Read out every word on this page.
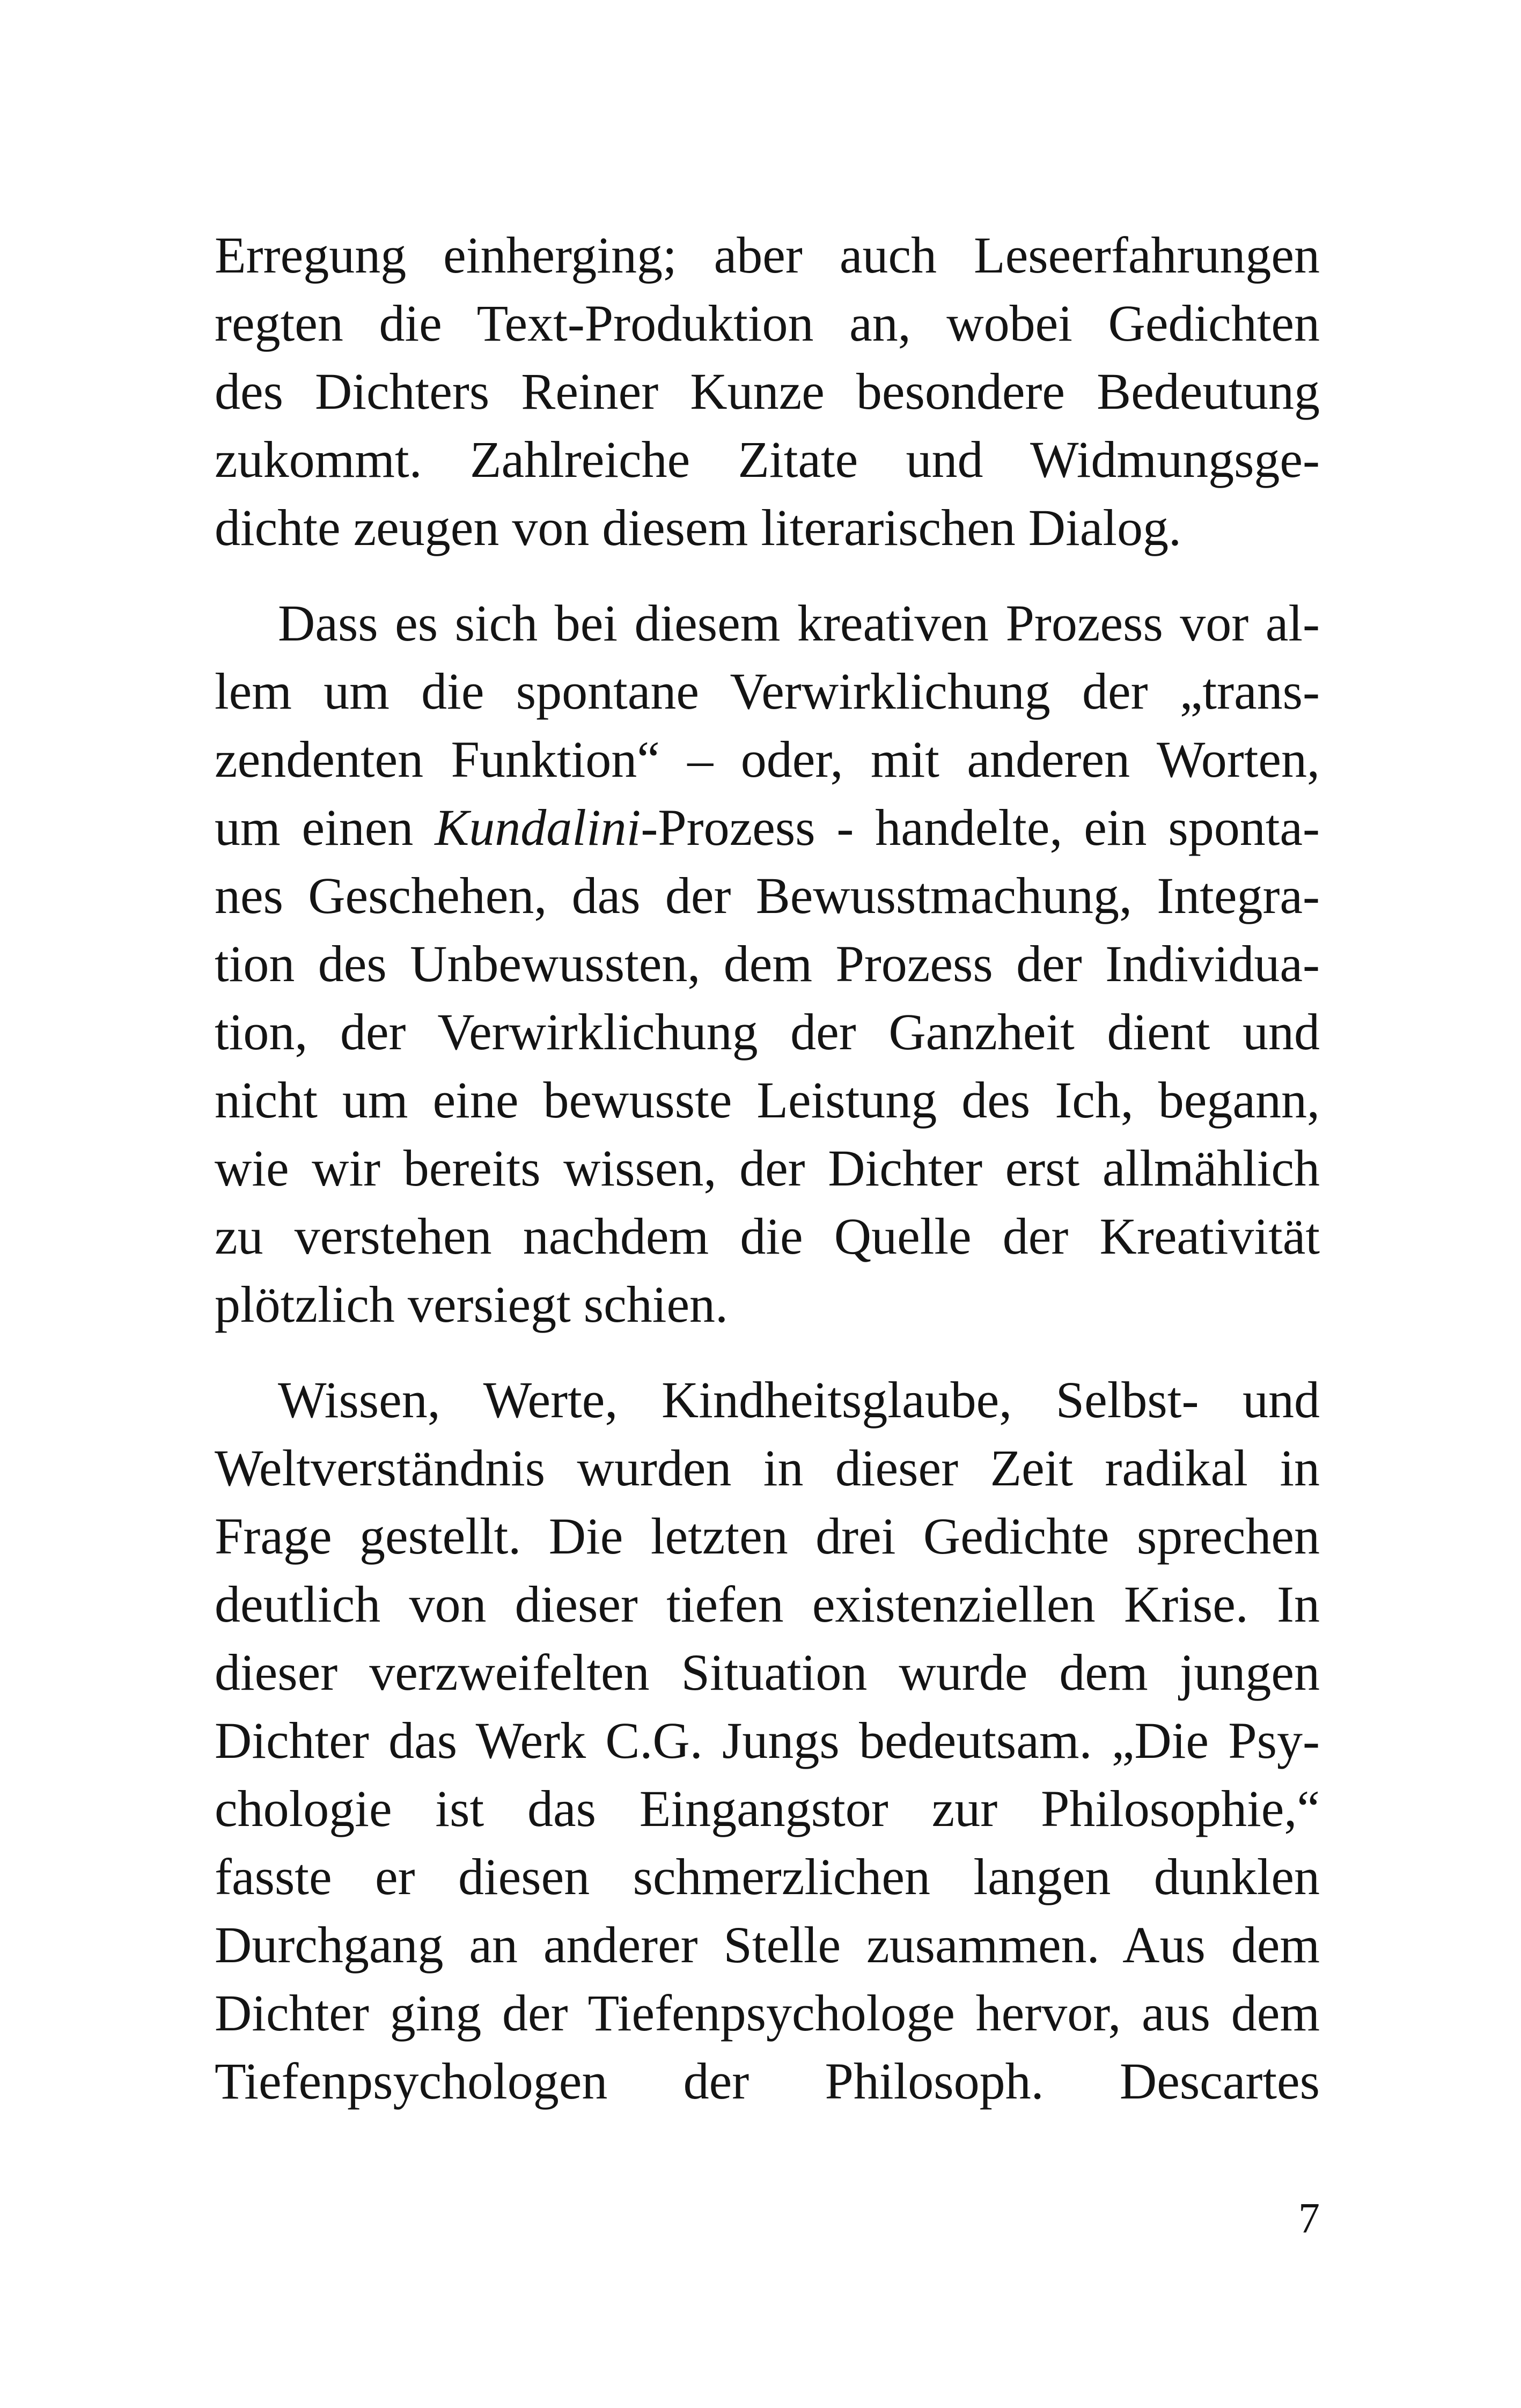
Erregung einherging; aber auch Leseerfahrungen
regten die Text-Produktion an, wobei Gedichten
des Dichters Reiner Kunze besondere Bedeutung
zukommt. Zahlreiche Zitate und Widmungsge-
dichte zeugen von diesem literarischen Dialog.

Dass es sich bei diesem kreativen Prozess vor al-
lem um die spontane Verwirklichung der „trans-
zendenten Funktion“ – oder, mit anderen Worten,
um einen Kundalini-Prozess - handelte, ein sponta-
nes Geschehen, das der Bewusstmachung, Integra-
tion des Unbewussten, dem Prozess der Individua-
tion, der Verwirklichung der Ganzheit dient und
nicht um eine bewusste Leistung des Ich, begann,
wie wir bereits wissen, der Dichter erst allmählich
zu verstehen nachdem die Quelle der Kreativität
plötzlich versiegt schien.

Wissen, Werte, Kindheitsglaube, Selbst- und
Weltverständnis wurden in dieser Zeit radikal in
Frage gestellt. Die letzten drei Gedichte sprechen
deutlich von dieser tiefen existenziellen Krise. In
dieser verzweifelten Situation wurde dem jungen
Dichter das Werk C.G. Jungs bedeutsam. „Die Psy-
chologie ist das Eingangstor zur Philosophie,“
fasste er diesen schmerzlichen langen dunklen
Durchgang an anderer Stelle zusammen. Aus dem
Dichter ging der Tiefenpsychologe hervor, aus dem
Tiefenpsychologen der Philosoph. Descartes

7
